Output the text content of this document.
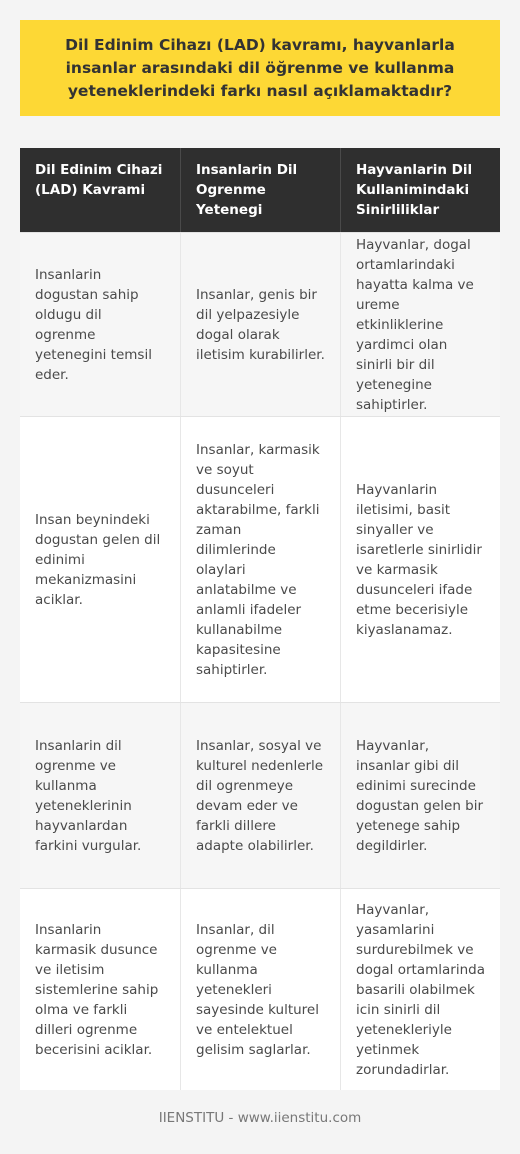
Dil Edinim Cihazı (LAD) kavramı, hayvanlarla insanlar arasındaki dil öğrenme ve kullanma yeteneklerindeki farkı nasıl açıklamaktadır?
Dil Edinim Cihazi (LAD) Kavrami
Insanlarin Dil Ogrenme Yetenegi
Hayvanlarin Dil Kullanimindaki Sinirliliklar
Insanlarin dogustan sahip oldugu dil ogrenme yetenegini temsil eder.
Insanlar, genis bir dil yelpazesiyle dogal olarak iletisim kurabilirler.
Hayvanlar, dogal ortamlarindaki hayatta kalma ve ureme etkinliklerine yardimci olan sinirli bir dil yetenegine sahiptirler.
Insan beynindeki dogustan gelen dil edinimi mekanizmasini aciklar.
Insanlar, karmasik ve soyut dusunceleri aktarabilme, farkli zaman dilimlerinde olaylari anlatabilme ve anlamli ifadeler kullanabilme kapasitesine sahiptirler.
Hayvanlarin iletisimi, basit sinyaller ve isaretlerle sinirlidir ve karmasik dusunceleri ifade etme becerisiyle kiyaslanamaz.
Insanlarin dil ogrenme ve kullanma yeteneklerinin hayvanlardan farkini vurgular.
Insanlar, sosyal ve kulturel nedenlerle dil ogrenmeye devam eder ve farkli dillere adapte olabilirler.
Hayvanlar, insanlar gibi dil edinimi surecinde dogustan gelen bir yetenege sahip degildirler.
Insanlarin karmasik dusunce ve iletisim sistemlerine sahip olma ve farkli dilleri ogrenme becerisini aciklar.
Insanlar, dil ogrenme ve kullanma yetenekleri sayesinde kulturel ve entelektuel gelisim saglarlar.
Hayvanlar, yasamlarini surdurebilmek ve dogal ortamlarinda basarili olabilmek icin sinirli dil yetenekleriyle yetinmek zorundadirlar.
IIENSTITU - www.iienstitu.com
